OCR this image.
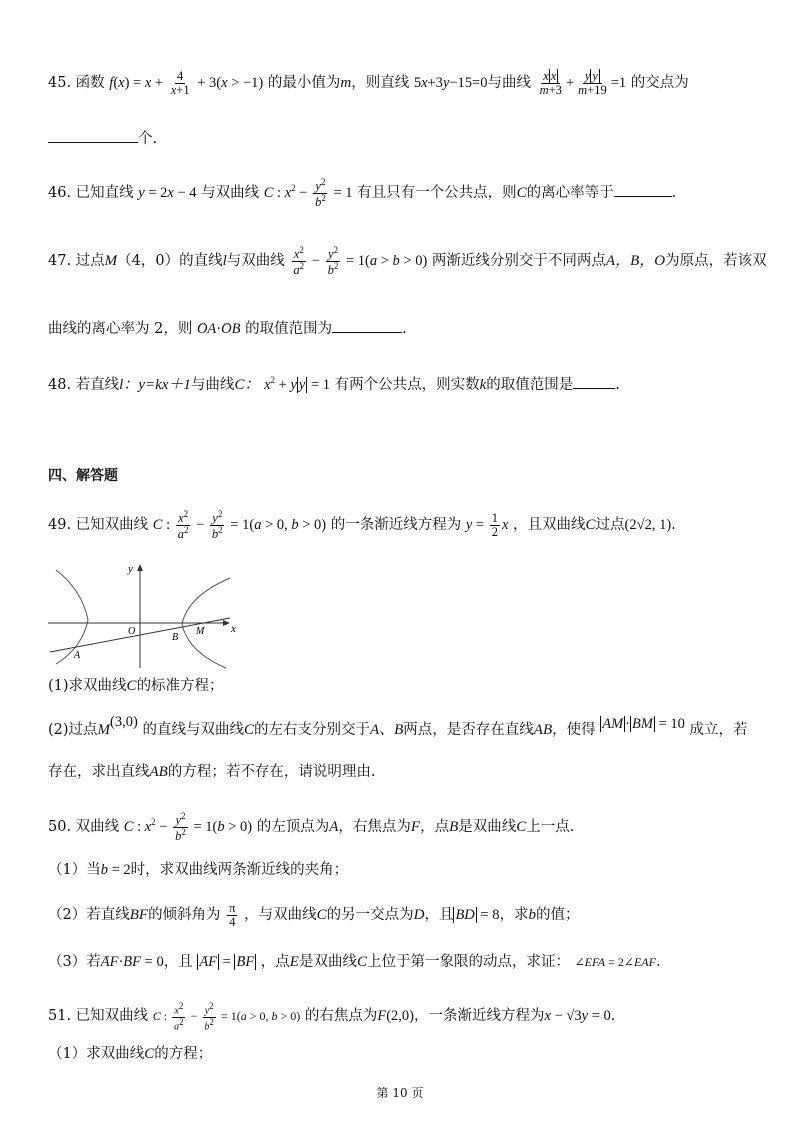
45. 函数 $f(x) = x + \frac{4}{x+1} + 3(x > -1)$ 的最小值为m，则直线 5x+3y−15=0与曲线 $\frac{\text{x x}}{m+3} + \frac{\text{y y}}{m+19} =1$ 的交点为
个.
46. 已知直线 y = 2x − 4 与双曲线 C : $x^2 - \frac{y^2}{b^2} = 1$ 有且只有一个公共点，则C的离心率等于	.
47. 过点M（4，0）的直线l与双曲线 $\frac{x^2}{a^2} - \frac{y^2}{b^2} = 1(a > b > 0)$ 两渐近线分别交于不同两点A，B，O为原点，若该双
曲线的离心率为 2，则 → OA·→ OB 的取值范围为	.
48. 若直线l：y=kx＋1与曲线C： $x^2 + y$ y = 1 有两个公共点，则实数k的取值范围是	.
四、解答题
49. 已知双曲线 C : $\frac{x^2}{a^2} - \frac{y^2}{b^2} = 1(a > 0$, b > 0) 的一条渐近线方程为 $y = \frac{1}{2}$ x ，且双曲线C过点(2√2, 1).
y
x
O
B
M
A
(1)求双曲线C的标准方程；
(2)过点M(3,0) 的直线与双曲线C的左右支分别交于A、B两点，是否存在直线AB，使得 AM · BM = 10 成立，若
存在，求出直线AB的方程；若不存在，请说明理由.
50. 双曲线 C : $x^2 - \frac{y^2}{b^2} = 1(b > 0)$ 的左顶点为A，右焦点为F，点B是双曲线C上一点.
（1）当b = 2时，求双曲线两条渐近线的夹角；
（2）若直线BF的倾斜角为 $\frac{\pi}{4}$ ，与双曲线C的另一交点为D，且 BD = 8，求b的值；
（3）若→ AF·→ BF = 0，且 → AF = → BF ，点E是双曲线C上位于第一象限的动点，求证： ∠EFA = 2∠EAF.
51. 已知双曲线 C : $\frac{x^2}{a^2} - \frac{y^2}{b^2} = 1(a > 0$, b > 0) 的右焦点为F(2,0)，一条渐近线方程为x − √3y = 0.
（1）求双曲线C的方程；
第 10 页
